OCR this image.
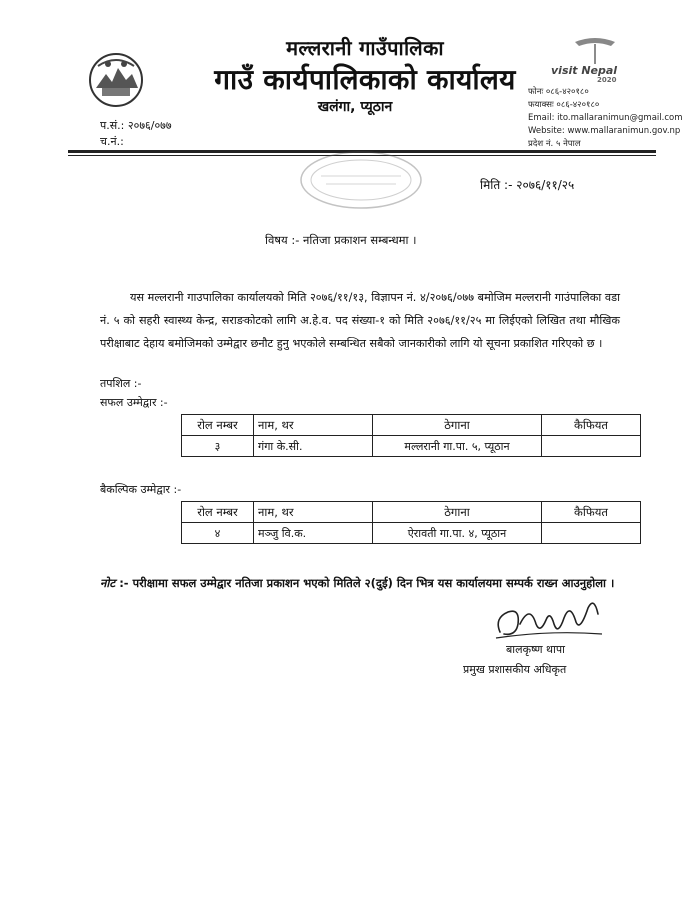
मल्लरानी गाउँपालिका
गाउँ कार्यपालिकाको कार्यालय
खलंगा, प्यूठान
visit Nepal
2020
फोनः ०८६-४२०१८०
फयाक्सः ०८६-४२०१८०
Email: ito.mallaranimun@gmail.com
Website: www.mallaranimun.gov.np
प्रदेश नं. ५ नेपाल
प.सं.: २०७६/०७७
च.नं.:
मिति :- २०७६/११/२५
विषय :- नतिजा प्रकाशन सम्बन्धमा ।
यस मल्लरानी गाउपालिका कार्यालयको मिति २०७६/११/१३, विज्ञापन नं. ४/२०७६/०७७ बमोजिम मल्लरानी गाउंपालिका वडा नं. ५ को सहरी स्वास्थ्य केन्द्र, सराङकोटको लागि अ.हे.व. पद संख्या-१ को मिति २०७६/११/२५ मा लिईएको लिखित तथा मौखिक परीक्षाबाट देहाय बमोजिमको उम्मेद्वार छनौट हुनु भएकोले सम्बन्धित सबैको जानकारीको लागि यो सूचना प्रकाशित गरिएको छ ।
तपशिल :-
सफल उम्मेद्वार :-
रोल नम्बर	नाम, थर	ठेगाना	कैफियत
३	गंगा के.सी.	मल्लरानी गा.पा. ५, प्यूठान	
बैकल्पिक उम्मेद्वार :-
रोल नम्बर	नाम, थर	ठेगाना	कैफियत
४	मञ्जु वि.क.	ऐरावती गा.पा. ४, प्यूठान	
नोट :- परीक्षामा सफल उम्मेद्वार नतिजा प्रकाशन भएको मितिले २(दुई) दिन भित्र यस कार्यालयमा सम्पर्क राख्न आउनुहोला ।
बालकृष्ण थापा
प्रमुख प्रशासकीय अधिकृत
